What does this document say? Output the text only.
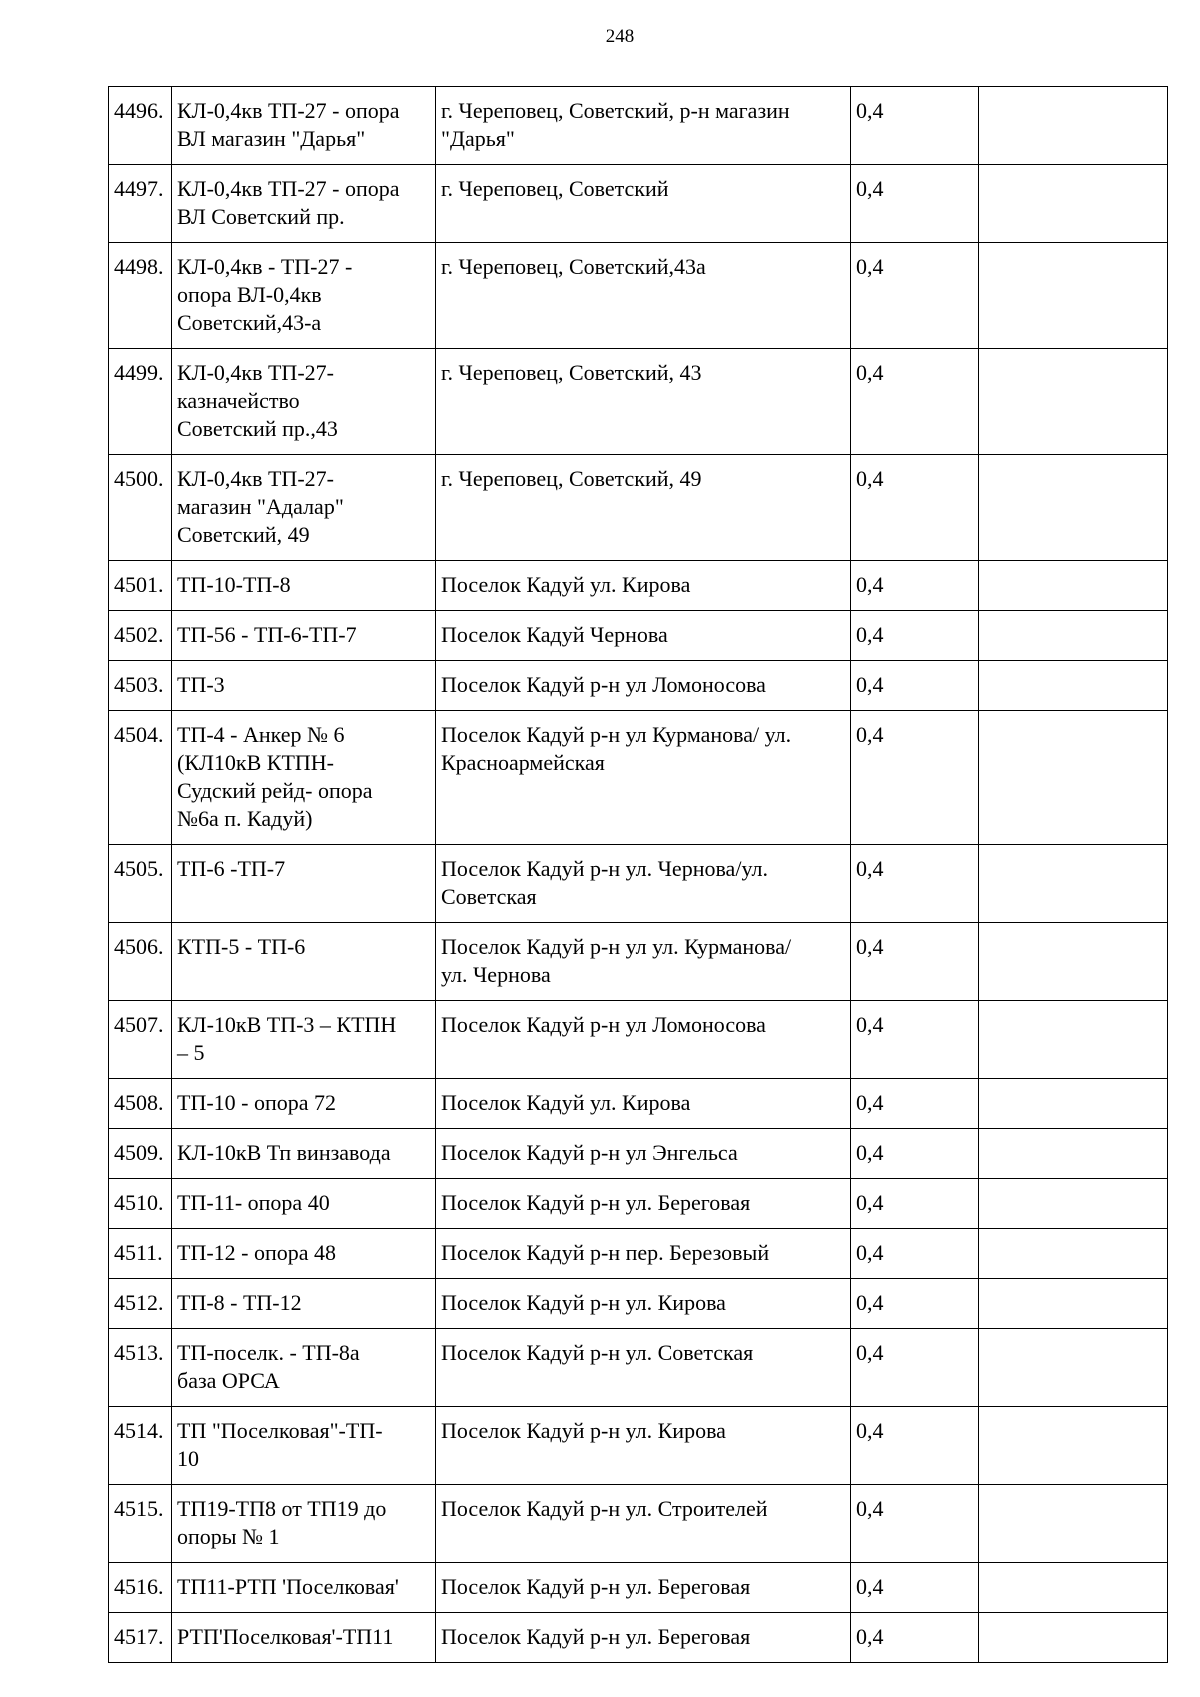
248
4496.	КЛ-0,4кв ТП-27 - опора
ВЛ магазин "Дарья"	г. Череповец, Советский, р-н магазин
"Дарья"	0,4	
4497.	КЛ-0,4кв ТП-27 - опора
ВЛ Советский пр.	г. Череповец, Советский	0,4	
4498.	КЛ-0,4кв - ТП-27 -
опора ВЛ-0,4кв
Советский,43-а	г. Череповец, Советский,43а	0,4	
4499.	КЛ-0,4кв ТП-27-
казначейство
Советский пр.,43	г. Череповец, Советский, 43	0,4	
4500.	КЛ-0,4кв ТП-27-
магазин "Адалар"
Советский, 49	г. Череповец, Советский, 49	0,4	
4501.	ТП-10-ТП-8	Поселок Кадуй ул. Кирова	0,4	
4502.	ТП-56 - ТП-6-ТП-7	Поселок Кадуй Чернова	0,4	
4503.	ТП-3	Поселок Кадуй р-н ул Ломоносова	0,4	
4504.	ТП-4 - Анкер № 6
(КЛ10кВ КТПН-
Судский рейд- опора
№6а п. Кадуй)	Поселок Кадуй р-н ул Курманова/ ул.
Красноармейская	0,4	
4505.	ТП-6 -ТП-7	Поселок Кадуй р-н ул. Чернова/ул.
Советская	0,4	
4506.	КТП-5 - ТП-6	Поселок Кадуй р-н ул ул. Курманова/
ул. Чернова	0,4	
4507.	КЛ-10кВ ТП-3 – КТПН
– 5	Поселок Кадуй р-н ул Ломоносова	0,4	
4508.	ТП-10 - опора 72	Поселок Кадуй ул. Кирова	0,4	
4509.	КЛ-10кВ Тп винзавода	Поселок Кадуй р-н ул Энгельса	0,4	
4510.	ТП-11- опора 40	Поселок Кадуй р-н ул. Береговая	0,4	
4511.	ТП-12 - опора 48	Поселок Кадуй р-н пер. Березовый	0,4	
4512.	ТП-8 - ТП-12	Поселок Кадуй р-н ул. Кирова	0,4	
4513.	ТП-поселк. - ТП-8а
база ОРСА	Поселок Кадуй р-н ул. Советская	0,4	
4514.	ТП "Поселковая"-ТП-
10	Поселок Кадуй р-н ул. Кирова	0,4	
4515.	ТП19-ТП8 от ТП19 до
опоры № 1	Поселок Кадуй р-н ул. Строителей	0,4	
4516.	ТП11-РТП 'Поселковая'	Поселок Кадуй р-н ул. Береговая	0,4	
4517.	РТП'Поселковая'-ТП11	Поселок Кадуй р-н ул. Береговая	0,4	
